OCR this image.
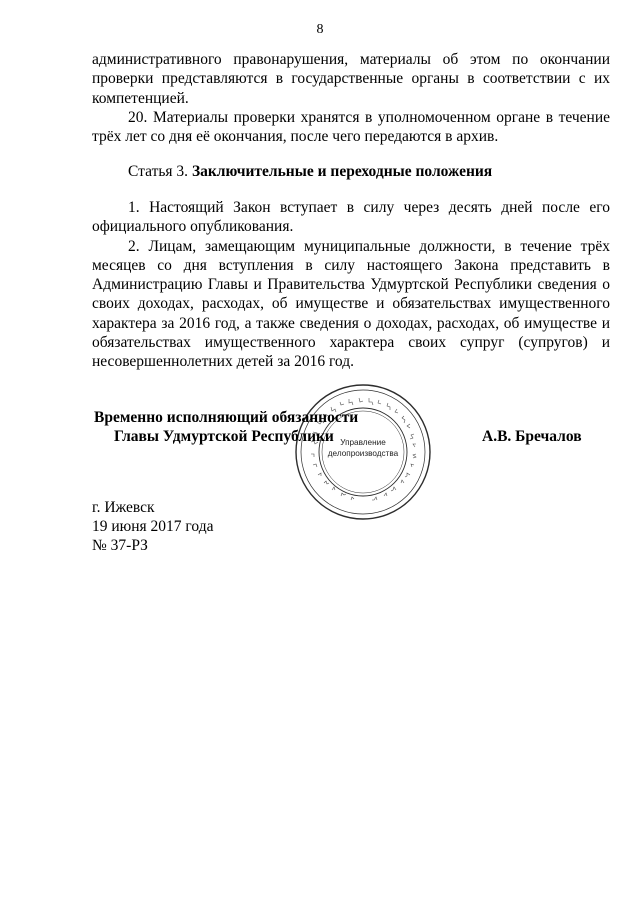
8

административного правонарушения, материалы об этом по окончании проверки представляются в государственные органы в соответствии с их компетенцией.

20. Материалы проверки хранятся в уполномоченном органе в течение трёх лет со дня её окончания, после чего передаются в архив.

Статья 3. Заключительные и переходные положения

1. Настоящий Закон вступает в силу через десять дней после его официального опубликования.

2. Лицам, замещающим муниципальные должности, в течение трёх месяцев со дня вступления в силу настоящего Закона представить в Администрацию Главы и Правительства Удмуртской Республики сведения о своих доходах, расходах, об имуществе и обязательствах имущественного характера за 2016 год, а также сведения о доходах, расходах, об имуществе и обязательствах имущественного характера своих супруг (супругов) и несовершеннолетних детей за 2016 год.

Управление
делопроизводства
Временно исполняющий обязанности
Главы Удмуртской Республики	А.В. Бречалов
г. Ижевск
19 июня 2017 года
№ 37-РЗ
